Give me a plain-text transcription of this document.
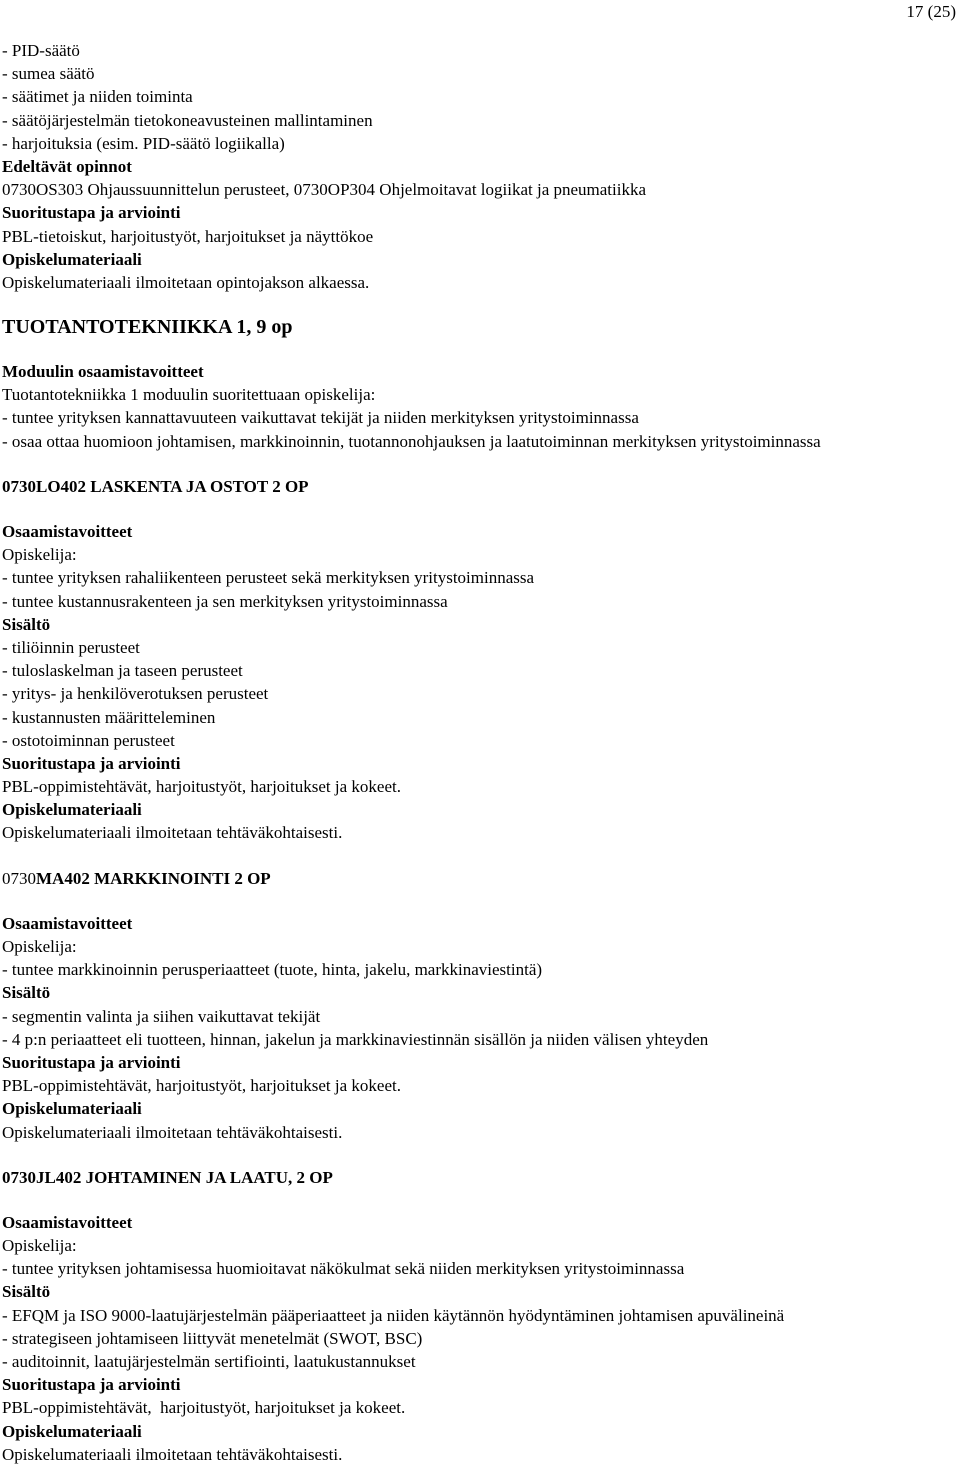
17 (25)
- PID-säätö
- sumea säätö
- säätimet ja niiden toiminta
- säätöjärjestelmän tietokoneavusteinen mallintaminen
- harjoituksia (esim. PID-säätö logiikalla)
Edeltävät opinnot
0730OS303 Ohjaussuunnittelun perusteet, 0730OP304 Ohjelmoitavat logiikat ja pneumatiikka
Suoritustapa ja arviointi
PBL-tietoiskut, harjoitustyöt, harjoitukset ja näyttökoe
Opiskelumateriaali
Opiskelumateriaali ilmoitetaan opintojakson alkaessa.
TUOTANTOTEKNIIKKA 1, 9 op
Moduulin osaamistavoitteet
Tuotantotekniikka 1 moduulin suoritettuaan opiskelija:
- tuntee yrityksen kannattavuuteen vaikuttavat tekijät ja niiden merkityksen yritystoiminnassa
- osaa ottaa huomioon johtamisen, markkinoinnin, tuotannonohjauksen ja laatutoiminnan merkityksen yritystoiminnassa
0730LO402 LASKENTA JA OSTOT 2 OP
Osaamistavoitteet
Opiskelija:
- tuntee yrityksen rahaliikenteen perusteet sekä merkityksen yritystoiminnassa
- tuntee kustannusrakenteen ja sen merkityksen yritystoiminnassa
Sisältö
- tiliöinnin perusteet
- tuloslaskelman ja taseen perusteet
- yritys- ja henkilöverotuksen perusteet
- kustannusten määritteleminen
- ostotoiminnan perusteet
Suoritustapa ja arviointi
PBL-oppimistehtävät, harjoitustyöt, harjoitukset ja kokeet.
Opiskelumateriaali
Opiskelumateriaali ilmoitetaan tehtäväkohtaisesti.
0730MA402 MARKKINOINTI 2 OP
Osaamistavoitteet
Opiskelija:
- tuntee markkinoinnin perusperiaatteet (tuote, hinta, jakelu, markkinaviestintä)
Sisältö
- segmentin valinta ja siihen vaikuttavat tekijät
- 4 p:n periaatteet eli tuotteen, hinnan, jakelun ja markkinaviestinnän sisällön ja niiden välisen yhteyden
Suoritustapa ja arviointi
PBL-oppimistehtävät, harjoitustyöt, harjoitukset ja kokeet.
Opiskelumateriaali
Opiskelumateriaali ilmoitetaan tehtäväkohtaisesti.
0730JL402 JOHTAMINEN JA LAATU, 2 OP
Osaamistavoitteet
Opiskelija:
- tuntee yrityksen johtamisessa huomioitavat näkökulmat sekä niiden merkityksen yritystoiminnassa
Sisältö
- EFQM ja ISO 9000-laatujärjestelmän pääperiaatteet ja niiden käytännön hyödyntäminen johtamisen apuvälineinä
- strategiseen johtamiseen liittyvät menetelmät (SWOT, BSC)
- auditoinnit, laatujärjestelmän sertifiointi, laatukustannukset
Suoritustapa ja arviointi
PBL-oppimistehtävät,  harjoitustyöt, harjoitukset ja kokeet.
Opiskelumateriaali
Opiskelumateriaali ilmoitetaan tehtäväkohtaisesti.
